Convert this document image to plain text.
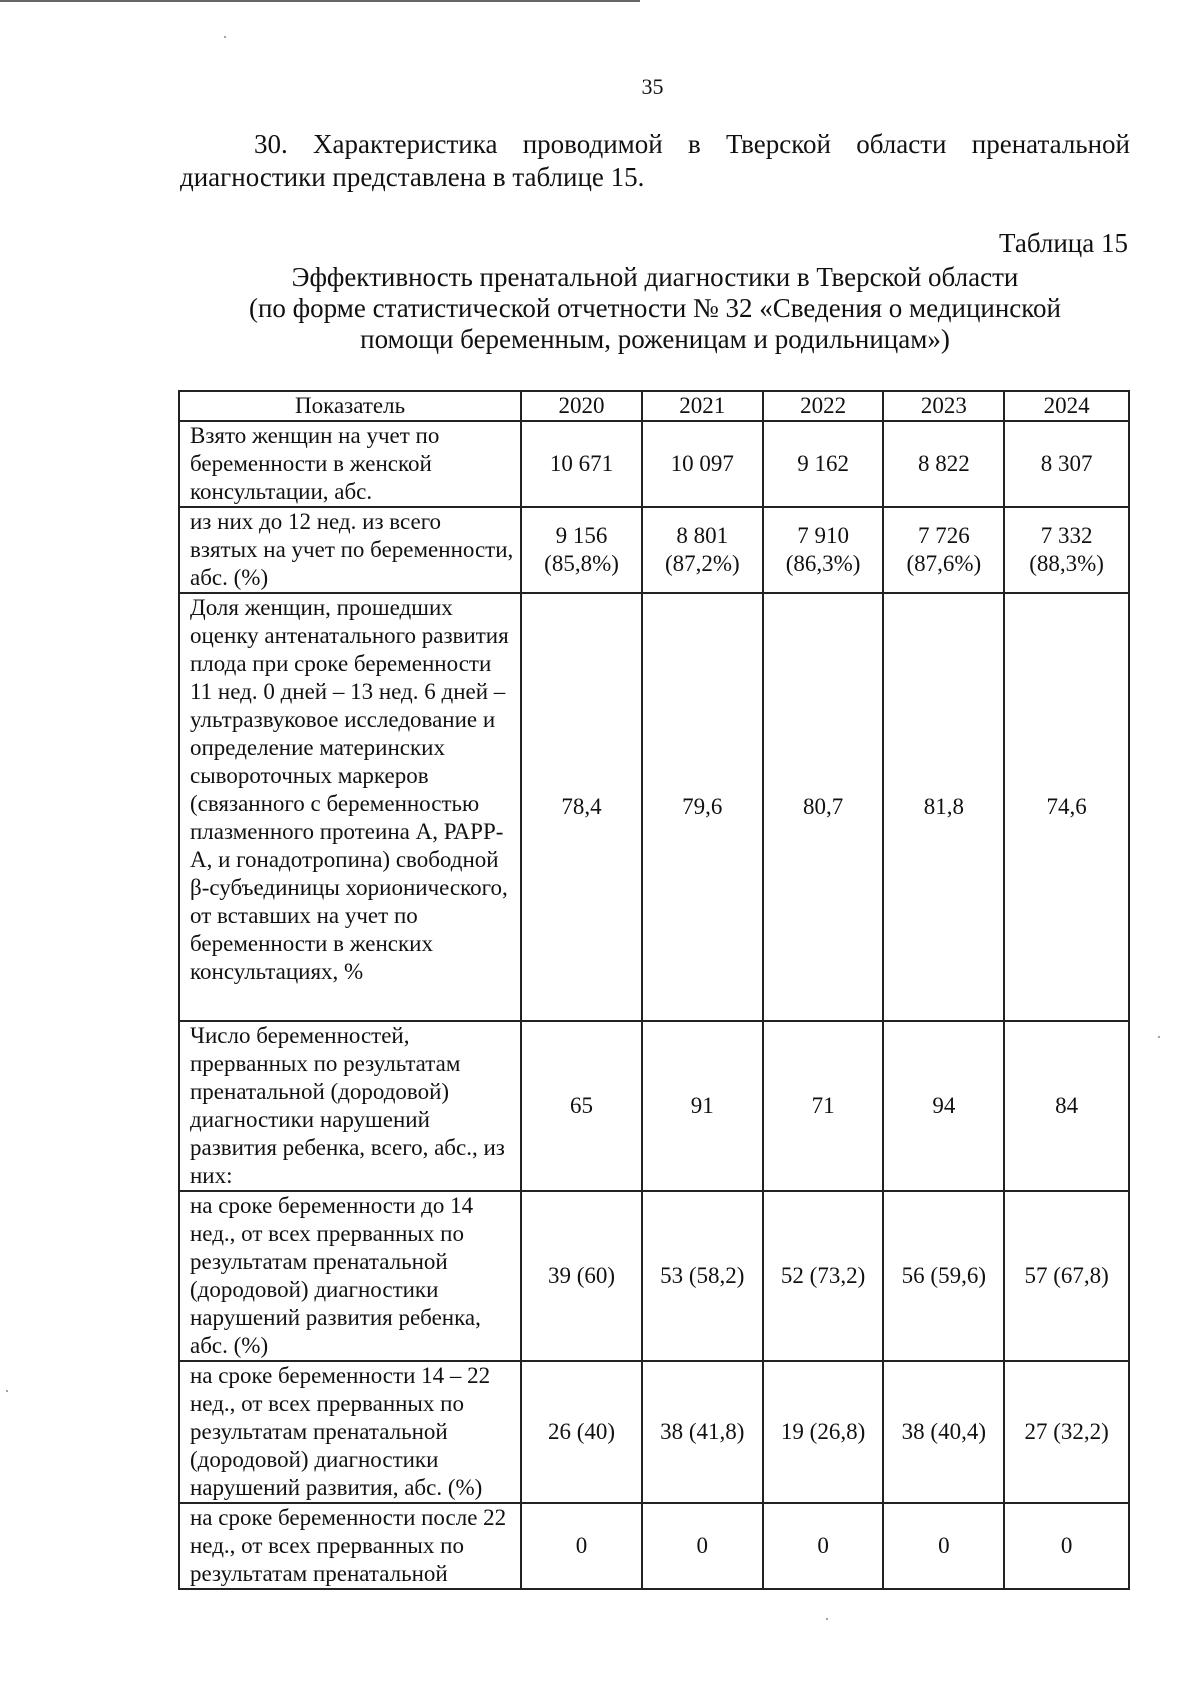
35

30. Характеристика проводимой в Тверской области пренатальной диагностики представлена в таблице 15.

Таблица 15
Эффективность пренатальной диагностики в Тверской области
(по форме статистической отчетности № 32 «Сведения о медицинской
помощи беременным, роженицам и родильницам»)
Показатель	2020	2021	2022	2023	2024
Взято женщин на учет по беременности в женской консультации, абс.	10 671	10 097	9 162	8 822	8 307
из них до 12 нед. из всего взятых на учет по беременности, абс. (%)	9 156 (85,8%)	8 801 (87,2%)	7 910 (86,3%)	7 726 (87,6%)	7 332 (88,3%)
Доля женщин, прошедших оценку антенатального развития плода при сроке беременности 11 нед. 0 дней – 13 нед. 6 дней – ультразвуковое исследование и определение материнских сывороточных маркеров (связанного с беременностью плазменного протеина А, РАРР-А, и гонадотропина) свободной β-субъединицы хорионического, от вставших на учет по беременности в женских консультациях, %	78,4	79,6	80,7	81,8	74,6
Число беременностей, прерванных по результатам пренатальной (дородовой) диагностики нарушений развития ребенка, всего, абс., из них:	65	91	71	94	84
на сроке беременности до 14 нед., от всех прерванных по результатам пренатальной (дородовой) диагностики нарушений развития ребенка, абс. (%)	39 (60)	53 (58,2)	52 (73,2)	56 (59,6)	57 (67,8)
на сроке беременности 14 – 22 нед., от всех прерванных по результатам пренатальной (дородовой) диагностики нарушений развития, абс. (%)	26 (40)	38 (41,8)	19 (26,8)	38 (40,4)	27 (32,2)
на сроке беременности после 22 нед., от всех прерванных по результатам пренатальной	0	0	0	0	0
